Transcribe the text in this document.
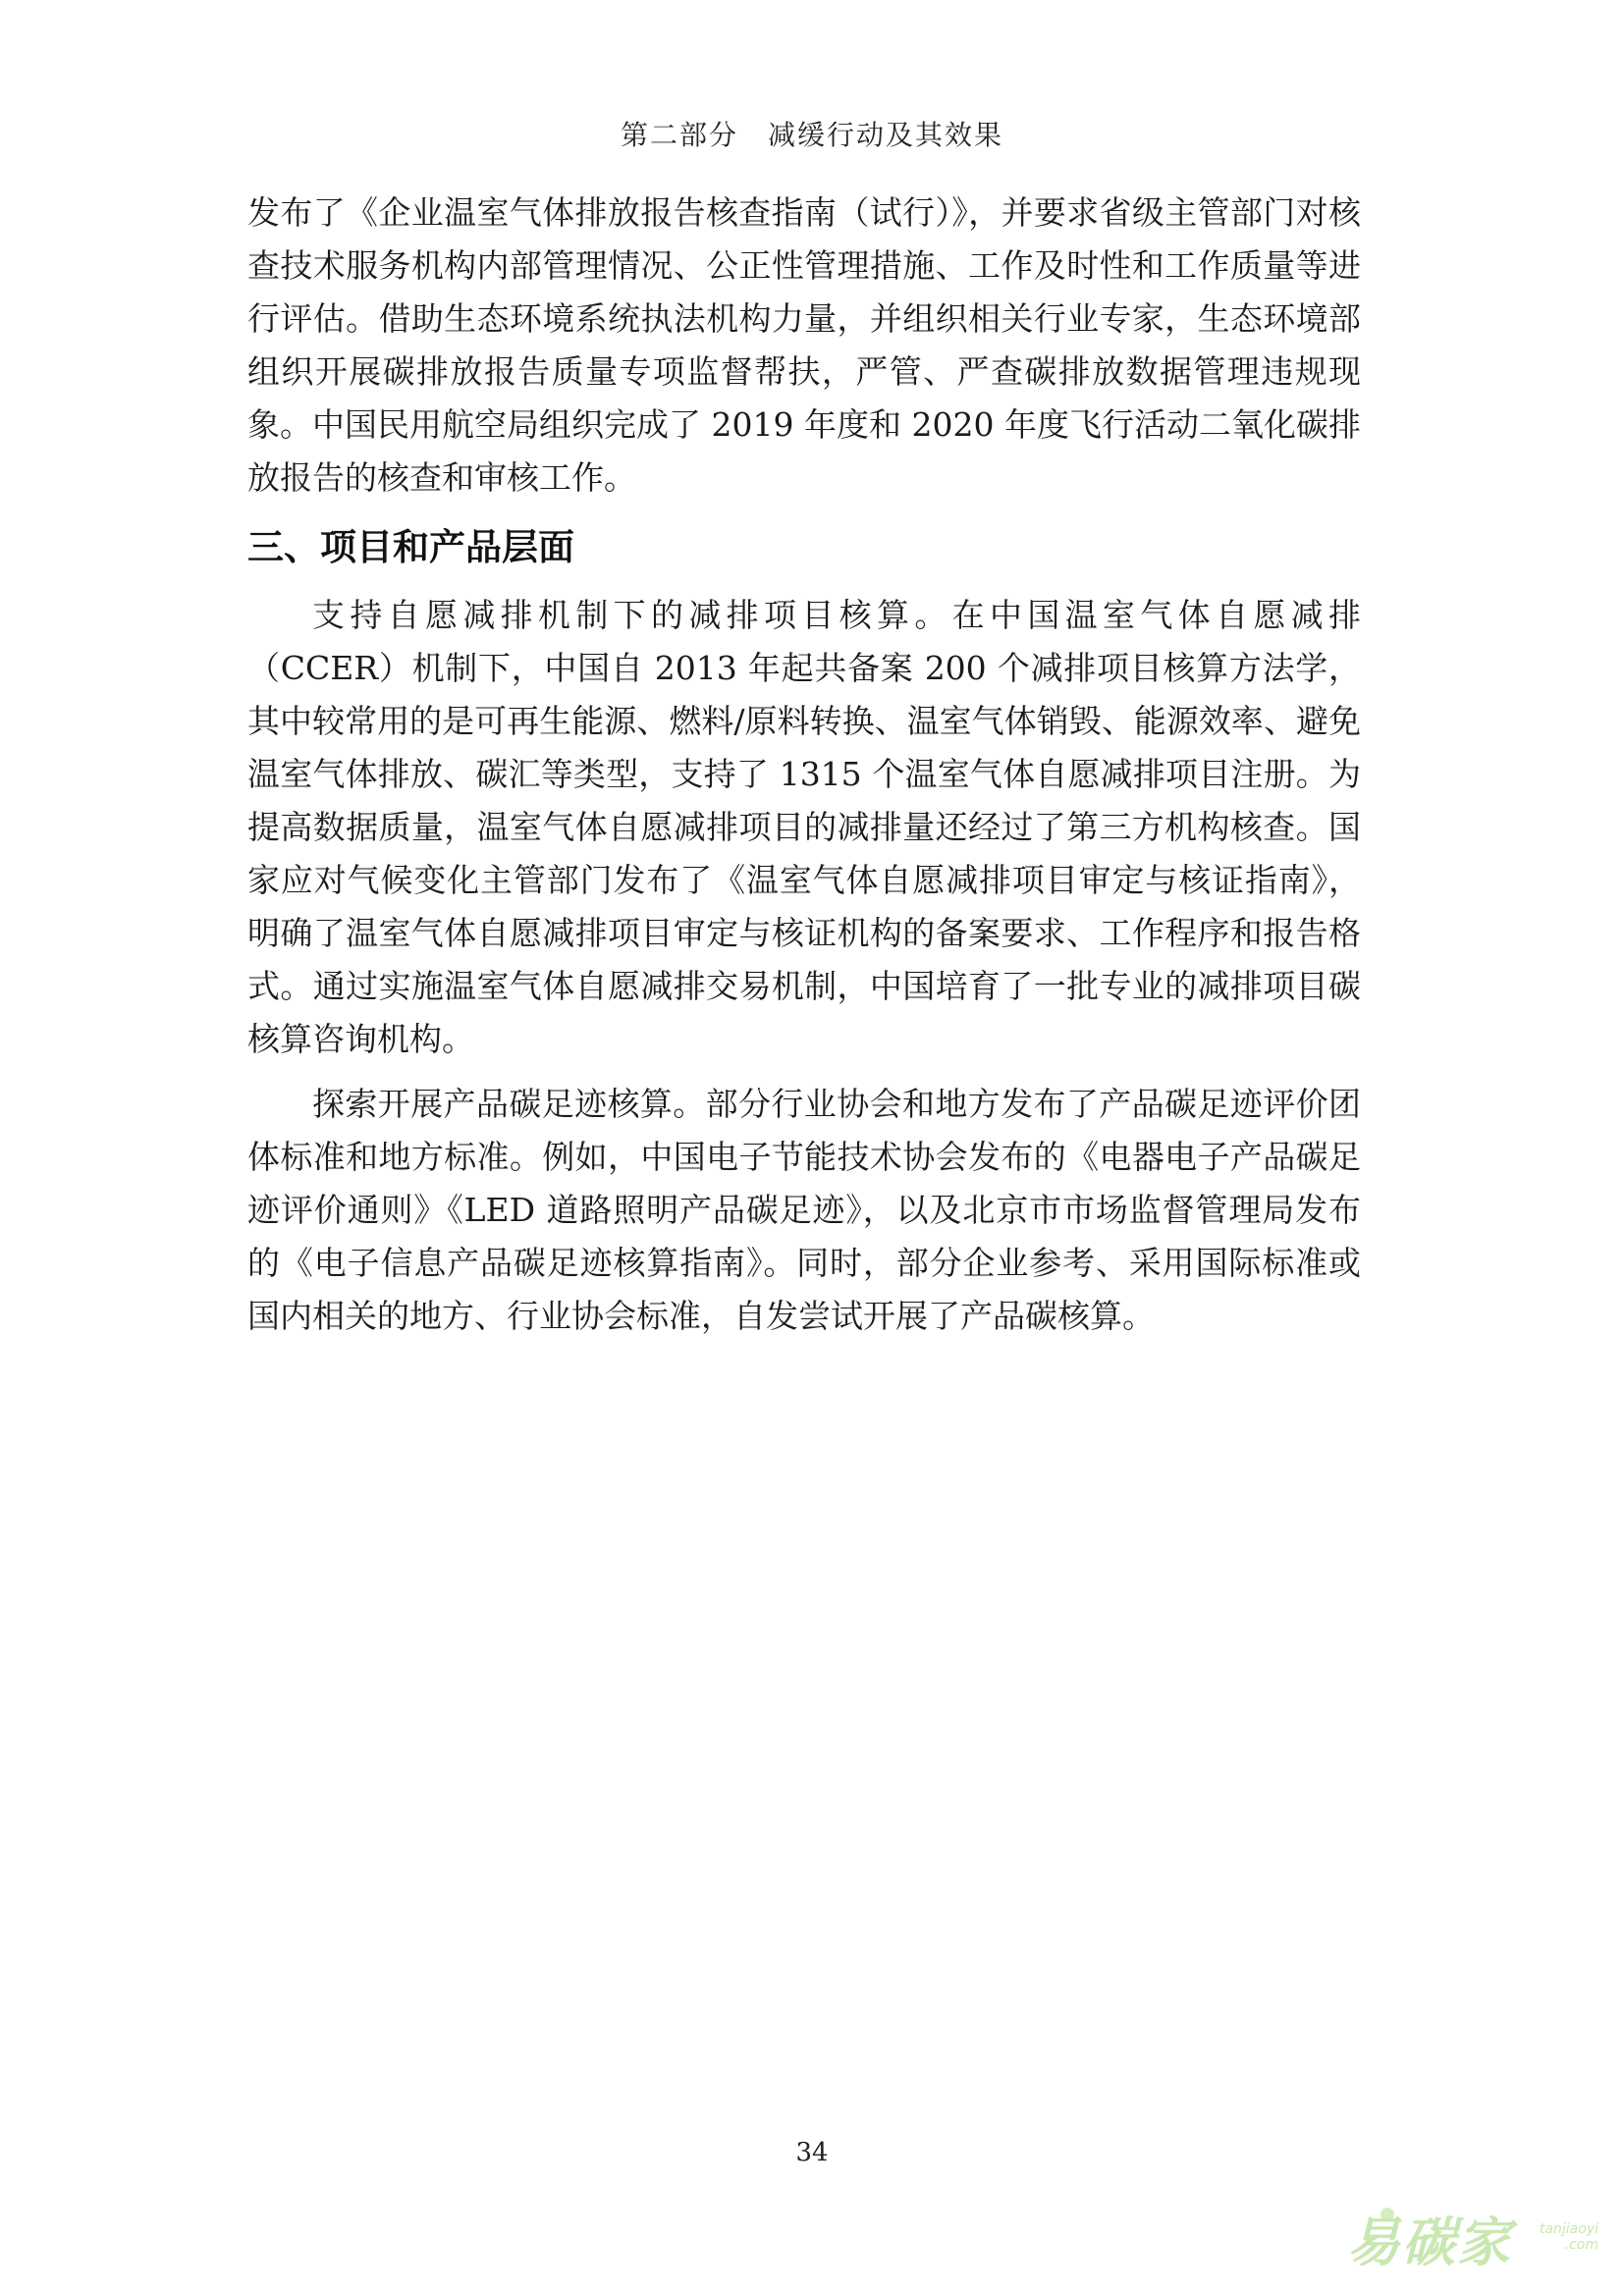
第二部分　减缓行动及其效果

发布了《企业温室气体排放报告核查指南（试行）》，并要求省级主管部门对核查技术服务机构内部管理情况、公正性管理措施、工作及时性和工作质量等进行评估。借助生态环境系统执法机构力量，并组织相关行业专家，生态环境部组织开展碳排放报告质量专项监督帮扶，严管、严查碳排放数据管理违规现象。中国民用航空局组织完成了 2019 年度和 2020 年度飞行活动二氧化碳排放报告的核查和审核工作。

三、项目和产品层面

支持自愿减排机制下的减排项目核算。在中国温室气体自愿减排（CCER）机制下，中国自 2013 年起共备案 200 个减排项目核算方法学，其中较常用的是可再生能源、燃料/原料转换、温室气体销毁、能源效率、避免温室气体排放、碳汇等类型，支持了 1315 个温室气体自愿减排项目注册。为提高数据质量，温室气体自愿减排项目的减排量还经过了第三方机构核查。国家应对气候变化主管部门发布了《温室气体自愿减排项目审定与核证指南》，明确了温室气体自愿减排项目审定与核证机构的备案要求、工作程序和报告格式。通过实施温室气体自愿减排交易机制，中国培育了一批专业的减排项目碳核算咨询机构。

探索开展产品碳足迹核算。部分行业协会和地方发布了产品碳足迹评价团体标准和地方标准。例如，中国电子节能技术协会发布的《电器电子产品碳足迹评价通则》《LED 道路照明产品碳足迹》，以及北京市市场监督管理局发布的《电子信息产品碳足迹核算指南》。同时，部分企业参考、采用国际标准或国内相关的地方、行业协会标准，自发尝试开展了产品碳核算。

34
易碳家 tanjiaoyi
.com
